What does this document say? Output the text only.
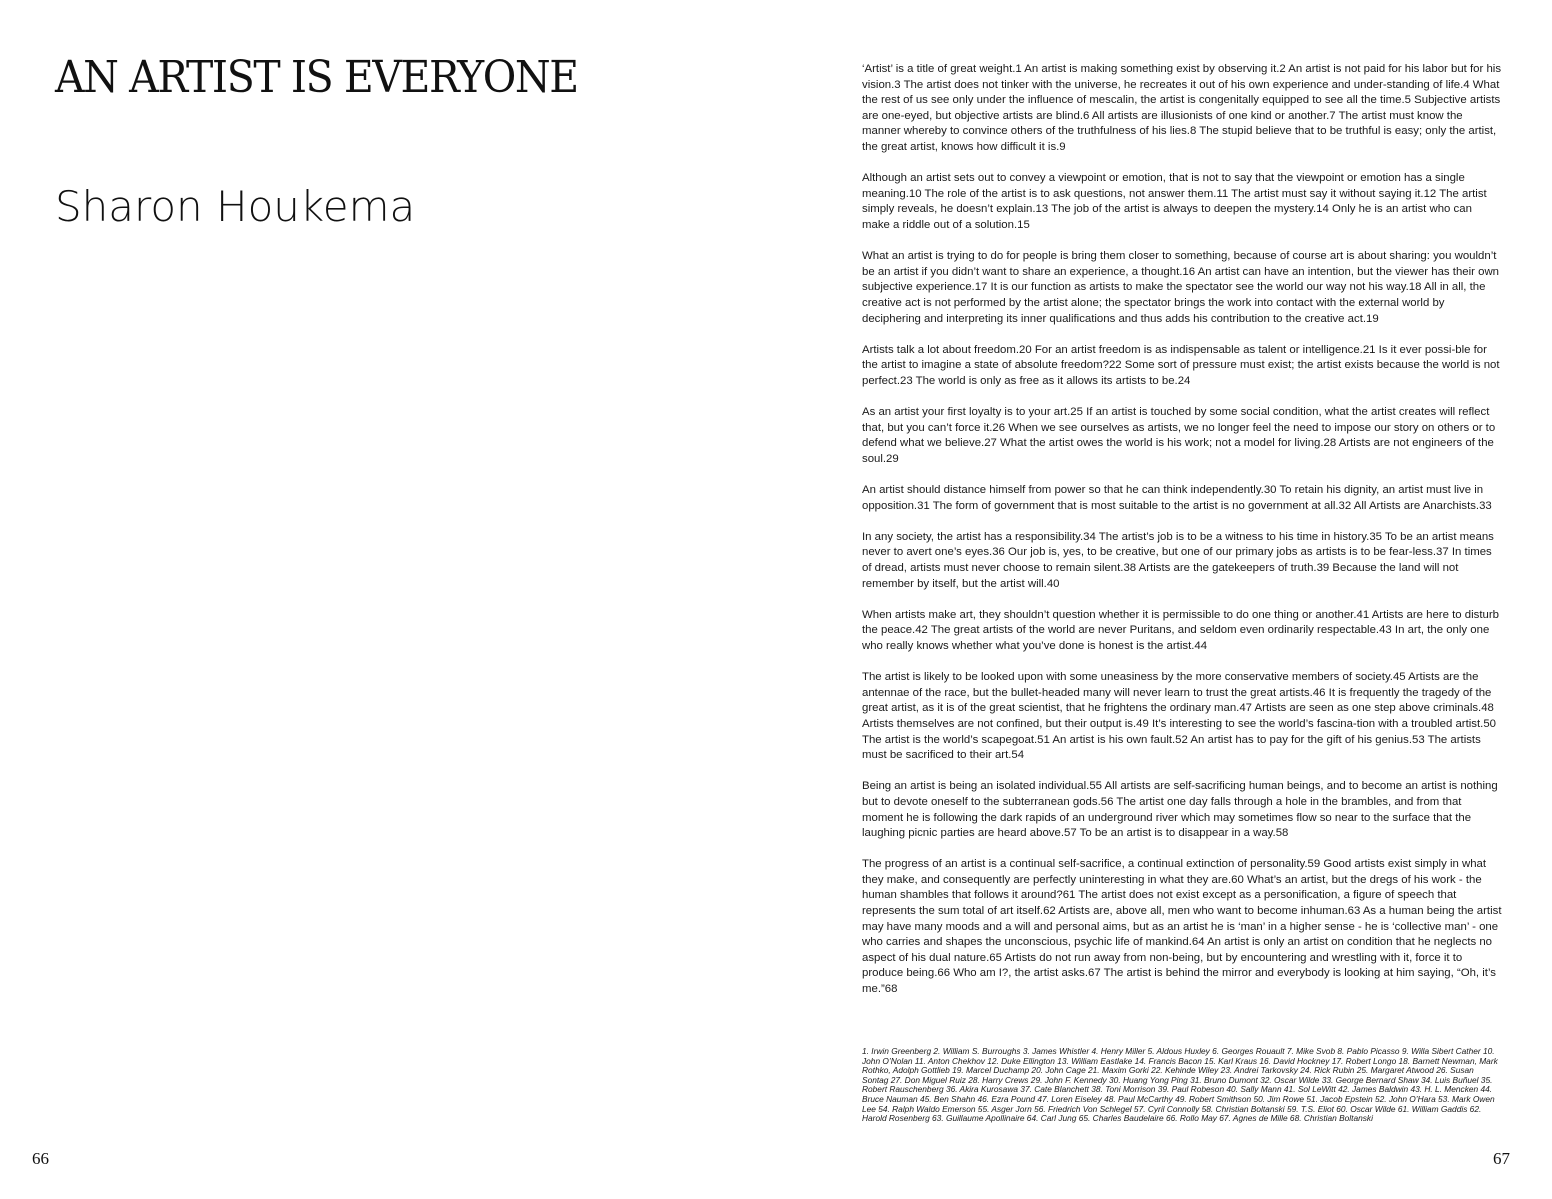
AN ARTIST IS EVERYONE
Sharon Houkema
66

‘Artist’ is a title of great weight.1 An artist is making something exist by observing it.2 An artist is not paid for his labor but for his vision.3 The artist does not tinker with the universe, he recreates it out of his own experience and under-standing of life.4 What the rest of us see only under the influence of mescalin, the artist is congenitally equipped to see all the time.5 Subjective artists are one-eyed, but objective artists are blind.6 All artists are illusionists of one kind or another.7 The artist must know the manner whereby to convince others of the truthfulness of his lies.8 The stupid believe that to be truthful is easy; only the artist, the great artist, knows how difficult it is.9

Although an artist sets out to convey a viewpoint or emotion, that is not to say that the viewpoint or emotion has a single meaning.10 The role of the artist is to ask questions, not answer them.11 The artist must say it without saying it.12 The artist simply reveals, he doesn’t explain.13 The job of the artist is always to deepen the mystery.14 Only he is an artist who can make a riddle out of a solution.15

What an artist is trying to do for people is bring them closer to something, because of course art is about sharing: you wouldn’t be an artist if you didn’t want to share an experience, a thought.16 An artist can have an intention, but the viewer has their own subjective experience.17 It is our function as artists to make the spectator see the world our way not his way.18 All in all, the creative act is not performed by the artist alone; the spectator brings the work into contact with the external world by deciphering and interpreting its inner qualifications and thus adds his contribution to the creative act.19

Artists talk a lot about freedom.20 For an artist freedom is as indispensable as talent or intelligence.21 Is it ever possi-ble for the artist to imagine a state of absolute freedom?22 Some sort of pressure must exist; the artist exists because the world is not perfect.23 The world is only as free as it allows its artists to be.24

As an artist your first loyalty is to your art.25 If an artist is touched by some social condition, what the artist creates will reflect that, but you can’t force it.26 When we see ourselves as artists, we no longer feel the need to impose our story on others or to defend what we believe.27 What the artist owes the world is his work; not a model for living.28 Artists are not engineers of the soul.29

An artist should distance himself from power so that he can think independently.30 To retain his dignity, an artist must live in opposition.31 The form of government that is most suitable to the artist is no government at all.32 All Artists are Anarchists.33

In any society, the artist has a responsibility.34 The artist’s job is to be a witness to his time in history.35 To be an artist means never to avert one’s eyes.36 Our job is, yes, to be creative, but one of our primary jobs as artists is to be fear-less.37 In times of dread, artists must never choose to remain silent.38 Artists are the gatekeepers of truth.39 Because the land will not remember by itself, but the artist will.40

When artists make art, they shouldn’t question whether it is permissible to do one thing or another.41 Artists are here to disturb the peace.42 The great artists of the world are never Puritans, and seldom even ordinarily respectable.43 In art, the only one who really knows whether what you’ve done is honest is the artist.44

The artist is likely to be looked upon with some uneasiness by the more conservative members of society.45 Artists are the antennae of the race, but the bullet-headed many will never learn to trust the great artists.46 It is frequently the tragedy of the great artist, as it is of the great scientist, that he frightens the ordinary man.47 Artists are seen as one step above criminals.48 Artists themselves are not confined, but their output is.49 It’s interesting to see the world’s fascina-tion with a troubled artist.50 The artist is the world’s scapegoat.51 An artist is his own fault.52 An artist has to pay for the gift of his genius.53 The artists must be sacrificed to their art.54

Being an artist is being an isolated individual.55 All artists are self-sacrificing human beings, and to become an artist is nothing but to devote oneself to the subterranean gods.56 The artist one day falls through a hole in the brambles, and from that moment he is following the dark rapids of an underground river which may sometimes flow so near to the surface that the laughing picnic parties are heard above.57 To be an artist is to disappear in a way.58

The progress of an artist is a continual self-sacrifice, a continual extinction of personality.59 Good artists exist simply in what they make, and consequently are perfectly uninteresting in what they are.60 What’s an artist, but the dregs of his work - the human shambles that follows it around?61 The artist does not exist except as a personification, a figure of speech that represents the sum total of art itself.62 Artists are, above all, men who want to become inhuman.63 As a human being the artist may have many moods and a will and personal aims, but as an artist he is ‘man’ in a higher sense - he is ‘collective man’ - one who carries and shapes the unconscious, psychic life of mankind.64 An artist is only an artist on condition that he neglects no aspect of his dual nature.65 Artists do not run away from non-being, but by encountering and wrestling with it, force it to produce being.66 Who am I?, the artist asks.67 The artist is behind the mirror and everybody is looking at him saying, “Oh, it’s me.”68

1. Irwin Greenberg 2. William S. Burroughs 3. James Whistler 4. Henry Miller 5. Aldous Huxley 6. Georges Rouault 7. Mike Svob 8. Pablo Picasso 9. Willa Sibert Cather 10. John O’Nolan 11. Anton Chekhov 12. Duke Ellington 13. William Eastlake 14. Francis Bacon 15. Karl Kraus 16. David Hockney 17. Robert Longo 18. Barnett Newman, Mark Rothko, Adolph Gottlieb 19. Marcel Duchamp 20. John Cage 21. Maxim Gorki 22. Kehinde Wiley 23. Andrei Tarkovsky 24. Rick Rubin 25. Margaret Atwood 26. Susan Sontag 27. Don Miguel Ruiz 28. Harry Crews 29. John F. Kennedy 30. Huang Yong Ping 31. Bruno Dumont 32. Oscar Wilde 33. George Bernard Shaw 34. Luis Buñuel 35. Robert Rauschenberg 36. Akira Kurosawa 37. Cate Blanchett 38. Toni Morrison 39. Paul Robeson 40. Sally Mann 41. Sol LeWitt 42. James Baldwin 43. H. L. Mencken 44. Bruce Nauman 45. Ben Shahn 46. Ezra Pound 47. Loren Eiseley 48. Paul McCarthy 49. Robert Smithson 50. Jim Rowe 51. Jacob Epstein 52. John O’Hara 53. Mark Owen Lee 54. Ralph Waldo Emerson 55. Asger Jorn 56. Friedrich Von Schlegel 57. Cyril Connolly 58. Christian Boltanski 59. T.S. Eliot 60. Oscar Wilde 61. William Gaddis 62. Harold Rosenberg 63. Guillaume Apollinaire 64. Carl Jung 65. Charles Baudelaire 66. Rollo May 67. Agnes de Mille 68. Christian Boltanski

67
